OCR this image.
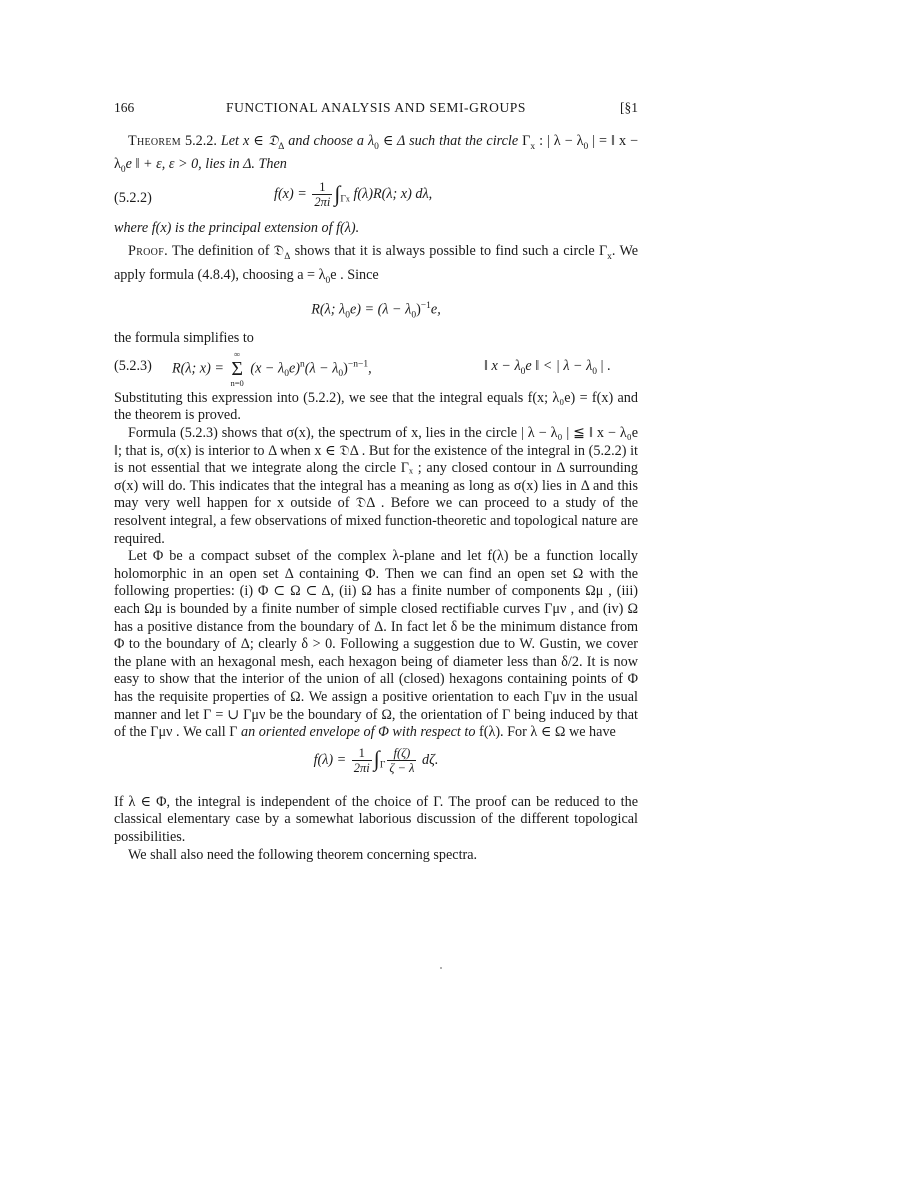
166	FUNCTIONAL ANALYSIS AND SEMI-GROUPS	[§1

Theorem 5.2.2. Let x ∈ 𝔇$_\Delta$ and choose a $\lambda_0$ ∈ Δ such that the circle $\Gamma_x$ : | $\lambda - \lambda_0$ | = ‖ $x - \lambda_0e$ ‖ + ε, ε > 0, lies in Δ. Then

(5.2.2)	$f(x) = \frac{1}{2\pi i} \int_{\Gamma x}$ f(λ)R(λ; x) dλ,

where f(x) is the principal extension of f(λ).

Proof. The definition of 𝔇$_\Delta$ shows that it is always possible to find such a circle $\Gamma_x$. We apply formula (4.8.4), choosing $a = \lambda_0e$ . Since

R(λ; $\lambda_0e) = (\lambda - \lambda_0)^{-1}e$,

the formula simplifies to

(5.2.3) R(λ; x) =
∞
Σ
n=0
$(x - \lambda_0e)^n(\lambda - \lambda_0)^{-n-1}$,	‖ $x - \lambda_0e$ ‖ < | $\lambda - \lambda_0$ | .

Substituting this expression into (5.2.2), we see that the integral equals f(x; λ₀e) = f(x) and the theorem is proved.

Formula (5.2.3) shows that σ(x), the spectrum of x, lies in the circle | λ − λ₀ | ≦ ‖ x − λ₀e ‖; that is, σ(x) is interior to Δ when x ∈ 𝔇Δ . But for the existence of the integral in (5.2.2) it is not essential that we integrate along the circle Γₓ ; any closed contour in Δ surrounding σ(x) will do. This indicates that the integral has a meaning as long as σ(x) lies in Δ and this may very well happen for x outside of 𝔇Δ . Before we can proceed to a study of the resolvent integral, a few observations of mixed function-theoretic and topological nature are required.

Let Φ be a compact subset of the complex λ-plane and let f(λ) be a function locally holomorphic in an open set Δ containing Φ. Then we can find an open set Ω with the following properties: (i) Φ ⊂ Ω ⊂ Δ, (ii) Ω has a finite number of components Ωμ , (iii) each Ωμ is bounded by a finite number of simple closed rectifiable curves Γμν , and (iv) Ω has a positive distance from the boundary of Δ. In fact let δ be the minimum distance from Φ to the boundary of Δ; clearly δ > 0. Following a suggestion due to W. Gustin, we cover the plane with an hexagonal mesh, each hexagon being of diameter less than δ/2. It is now easy to show that the interior of the union of all (closed) hexagons containing points of Φ has the requisite properties of Ω. We assign a positive orientation to each Γμν in the usual manner and let Γ = ∪ Γμν be the boundary of Ω, the orientation of Γ being induced by that of the Γμν . We call Γ an oriented envelope of Φ with respect to f(λ). For λ ∈ Ω we have

$f(\lambda) = \frac{1}{2\pi i} \int_\Gamma \frac{f(\zeta)}{\zeta - \lambda} d\zeta$.

If λ ∈ Φ, the integral is independent of the choice of Γ. The proof can be reduced to the classical elementary case by a somewhat laborious discussion of the different topological possibilities.

We shall also need the following theorem concerning spectra.
